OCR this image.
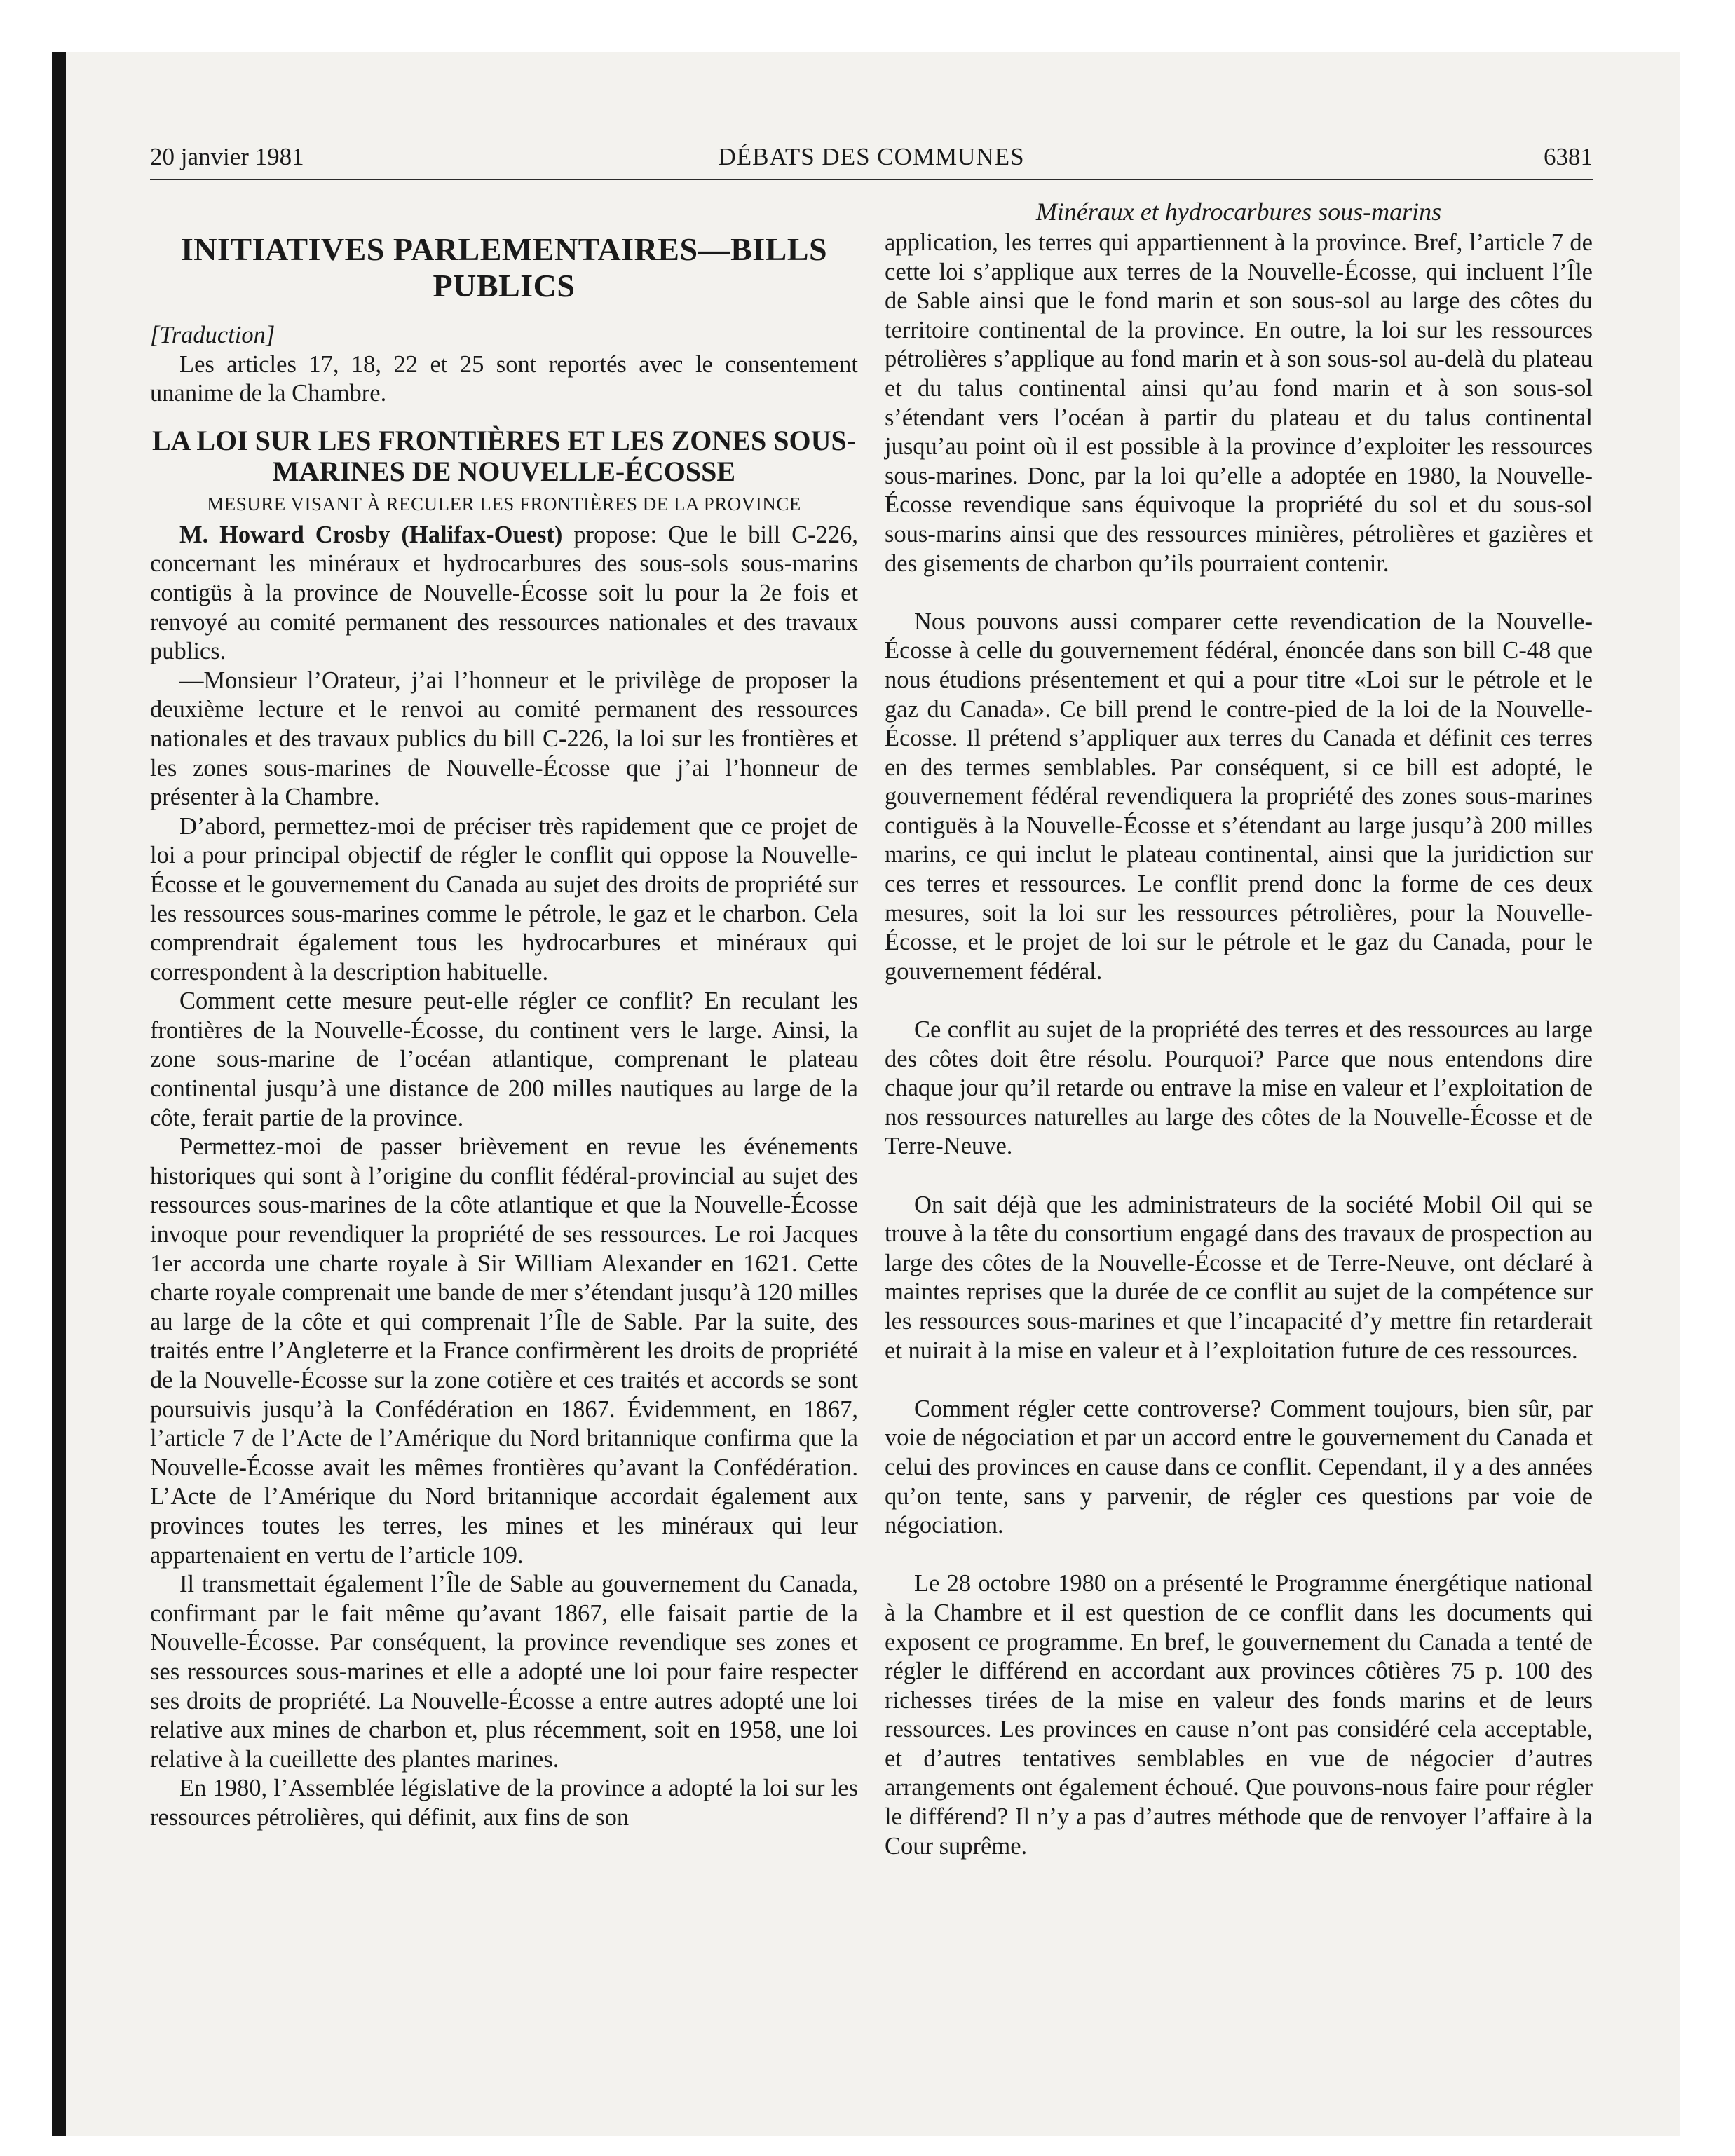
20 janvier 1981	DÉBATS DES COMMUNES	6381
INITIATIVES PARLEMENTAIRES—BILLS PUBLICS

[Traduction]

Les articles 17, 18, 22 et 25 sont reportés avec le consentement unanime de la Chambre.

LA LOI SUR LES FRONTIÈRES ET LES ZONES SOUS-MARINES DE NOUVELLE-ÉCOSSE
MESURE VISANT À RECULER LES FRONTIÈRES DE LA PROVINCE

M. Howard Crosby (Halifax-Ouest) propose: Que le bill C-226, concernant les minéraux et hydrocarbures des sous-sols sous-marins contigüs à la province de Nouvelle-Écosse soit lu pour la 2e fois et renvoyé au comité permanent des ressources nationales et des travaux publics.

—Monsieur l’Orateur, j’ai l’honneur et le privilège de proposer la deuxième lecture et le renvoi au comité permanent des ressources nationales et des travaux publics du bill C-226, la loi sur les frontières et les zones sous-marines de Nouvelle-Écosse que j’ai l’honneur de présenter à la Chambre.

D’abord, permettez-moi de préciser très rapidement que ce projet de loi a pour principal objectif de régler le conflit qui oppose la Nouvelle-Écosse et le gouvernement du Canada au sujet des droits de propriété sur les ressources sous-marines comme le pétrole, le gaz et le charbon. Cela comprendrait également tous les hydrocarbures et minéraux qui correspondent à la description habituelle.

Comment cette mesure peut-elle régler ce conflit? En reculant les frontières de la Nouvelle-Écosse, du continent vers le large. Ainsi, la zone sous-marine de l’océan atlantique, comprenant le plateau continental jusqu’à une distance de 200 milles nautiques au large de la côte, ferait partie de la province.

Permettez-moi de passer brièvement en revue les événements historiques qui sont à l’origine du conflit fédéral-provincial au sujet des ressources sous-marines de la côte atlantique et que la Nouvelle-Écosse invoque pour revendiquer la propriété de ses ressources. Le roi Jacques 1er accorda une charte royale à Sir William Alexander en 1621. Cette charte royale comprenait une bande de mer s’étendant jusqu’à 120 milles au large de la côte et qui comprenait l’Île de Sable. Par la suite, des traités entre l’Angleterre et la France confirmèrent les droits de propriété de la Nouvelle-Écosse sur la zone cotière et ces traités et accords se sont poursuivis jusqu’à la Confédération en 1867. Évidemment, en 1867, l’article 7 de l’Acte de l’Amérique du Nord britannique confirma que la Nouvelle-Écosse avait les mêmes frontières qu’avant la Confédération. L’Acte de l’Amérique du Nord britannique accordait également aux provinces toutes les terres, les mines et les minéraux qui leur appartenaient en vertu de l’article 109.

Il transmettait également l’Île de Sable au gouvernement du Canada, confirmant par le fait même qu’avant 1867, elle faisait partie de la Nouvelle-Écosse. Par conséquent, la province revendique ses zones et ses ressources sous-marines et elle a adopté une loi pour faire respecter ses droits de propriété. La Nouvelle-Écosse a entre autres adopté une loi relative aux mines de charbon et, plus récemment, soit en 1958, une loi relative à la cueillette des plantes marines.

En 1980, l’Assemblée législative de la province a adopté la loi sur les ressources pétrolières, qui définit, aux fins de son

Minéraux et hydrocarbures sous-marins

application, les terres qui appartiennent à la province. Bref, l’article 7 de cette loi s’applique aux terres de la Nouvelle-Écosse, qui incluent l’Île de Sable ainsi que le fond marin et son sous-sol au large des côtes du territoire continental de la province. En outre, la loi sur les ressources pétrolières s’applique au fond marin et à son sous-sol au-delà du plateau et du talus continental ainsi qu’au fond marin et à son sous-sol s’étendant vers l’océan à partir du plateau et du talus continental jusqu’au point où il est possible à la province d’exploiter les ressources sous-marines. Donc, par la loi qu’elle a adoptée en 1980, la Nouvelle-Écosse revendique sans équivoque la propriété du sol et du sous-sol sous-marins ainsi que des ressources minières, pétrolières et gazières et des gisements de charbon qu’ils pourraient contenir.

Nous pouvons aussi comparer cette revendication de la Nouvelle-Écosse à celle du gouvernement fédéral, énoncée dans son bill C-48 que nous étudions présentement et qui a pour titre «Loi sur le pétrole et le gaz du Canada». Ce bill prend le contre-pied de la loi de la Nouvelle-Écosse. Il prétend s’appliquer aux terres du Canada et définit ces terres en des termes semblables. Par conséquent, si ce bill est adopté, le gouvernement fédéral revendiquera la propriété des zones sous-marines contiguës à la Nouvelle-Écosse et s’étendant au large jusqu’à 200 milles marins, ce qui inclut le plateau continental, ainsi que la juridiction sur ces terres et ressources. Le conflit prend donc la forme de ces deux mesures, soit la loi sur les ressources pétrolières, pour la Nouvelle-Écosse, et le projet de loi sur le pétrole et le gaz du Canada, pour le gouvernement fédéral.

Ce conflit au sujet de la propriété des terres et des ressources au large des côtes doit être résolu. Pourquoi? Parce que nous entendons dire chaque jour qu’il retarde ou entrave la mise en valeur et l’exploitation de nos ressources naturelles au large des côtes de la Nouvelle-Écosse et de Terre-Neuve.

On sait déjà que les administrateurs de la société Mobil Oil qui se trouve à la tête du consortium engagé dans des travaux de prospection au large des côtes de la Nouvelle-Écosse et de Terre-Neuve, ont déclaré à maintes reprises que la durée de ce conflit au sujet de la compétence sur les ressources sous-marines et que l’incapacité d’y mettre fin retarderait et nuirait à la mise en valeur et à l’exploitation future de ces ressources.

Comment régler cette controverse? Comment toujours, bien sûr, par voie de négociation et par un accord entre le gouvernement du Canada et celui des provinces en cause dans ce conflit. Cependant, il y a des années qu’on tente, sans y parvenir, de régler ces questions par voie de négociation.

Le 28 octobre 1980 on a présenté le Programme énergétique national à la Chambre et il est question de ce conflit dans les documents qui exposent ce programme. En bref, le gouvernement du Canada a tenté de régler le différend en accordant aux provinces côtières 75 p. 100 des richesses tirées de la mise en valeur des fonds marins et de leurs ressources. Les provinces en cause n’ont pas considéré cela acceptable, et d’autres tentatives semblables en vue de négocier d’autres arrangements ont également échoué. Que pouvons-nous faire pour régler le différend? Il n’y a pas d’autres méthode que de renvoyer l’affaire à la Cour suprême.
